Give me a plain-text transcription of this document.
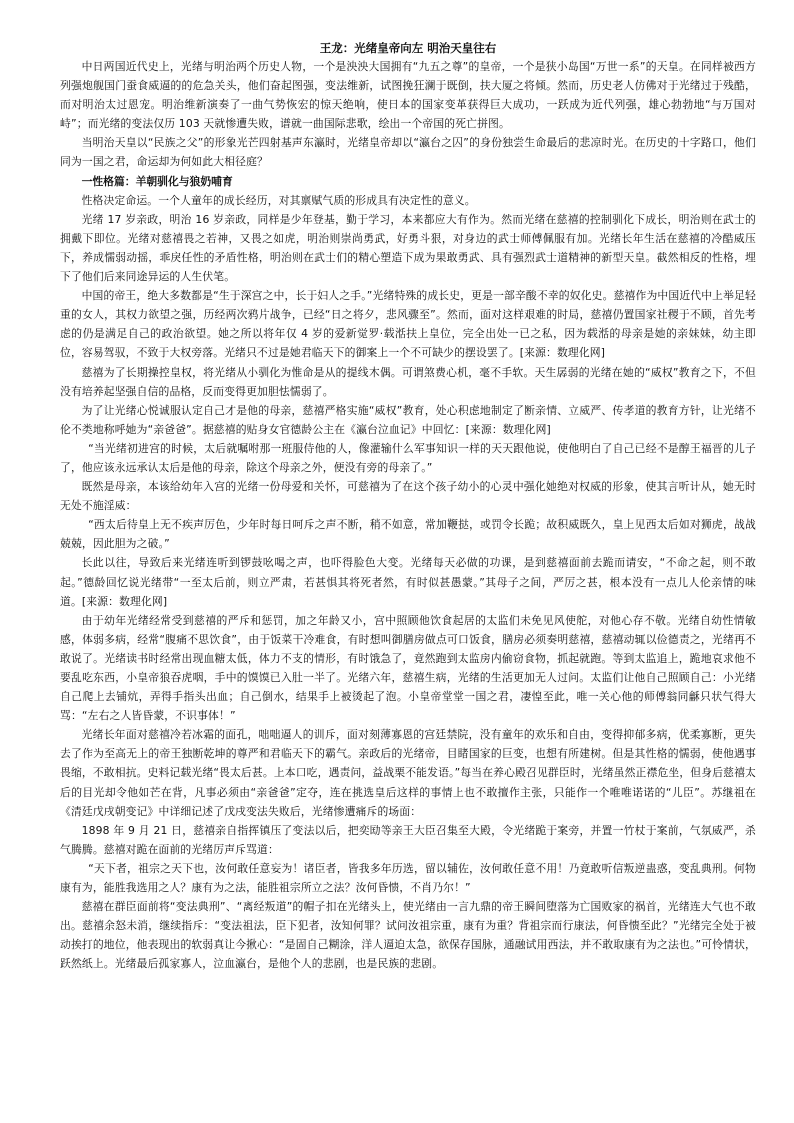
王龙：光绪皇帝向左 明治天皇往右

中日两国近代史上，光绪与明治两个历史人物，一个是泱泱大国拥有“九五之尊”的皇帝，一个是狭小岛国“万世一系”的天皇。在同样被西方列强炮舰国门蚕食威逼的的危急关头，他们奋起图强，变法维新，试图挽狂澜于既倒，扶大厦之将倾。然而，历史老人仿佛对于光绪过于残酷，而对明治太过恩宠。明治维新演奏了一曲气势恢宏的惊天绝响，使日本的国家变革获得巨大成功，一跃成为近代列强，雄心勃勃地“与万国对峙”；而光绪的变法仅历 103 天就惨遭失败，谱就一曲国际悲歌，绘出一个帝国的死亡拼图。

当明治天皇以“民族之父”的形象光芒四射基声东瀛时，光绪皇帝却以“瀛台之囚”的身份独尝生命最后的悲凉时光。在历史的十字路口，他们同为一国之君，命运却为何如此大相径庭？

一性格篇：羊朝驯化与狼奶哺育

性格决定命运。一个人童年的成长经历，对其禀赋气质的形成具有决定性的意义。

光绪 17 岁亲政，明治 16 岁亲政，同样是少年登基，勤于学习，本来都应大有作为。然而光绪在慈禧的控制驯化下成长，明治则在武士的拥戴下即位。光绪对慈禧畏之若神，又畏之如虎，明治则崇尚勇武，好勇斗狠，对身边的武士师傅佩服有加。光绪长年生活在慈禧的冷酷威压下，养成懦弱动摇，乖戾任性的矛盾性格，明治则在武士们的精心塑造下成为果敢勇武、具有强烈武士道精神的新型天皇。截然相反的性格，埋下了他们后来同途异运的人生伏笔。

中国的帝王，绝大多数都是“生于深宫之中，长于妇人之手。”光绪特殊的成长史，更是一部辛酸不幸的奴化史。慈禧作为中国近代中上举足轻重的女人，其权力欲望之强，历经两次鸦片战争，已经“日之将夕，悲风骤至”。然而，面对这样艰难的时局，慈禧仍置国家社稷于不顾，首先考虑的仍是满足自己的政治欲望。她之所以将年仅 4 岁的爱新觉罗·载湉扶上皇位，完全出处一已之私，因为载湉的母亲是她的亲妹妹，幼主即位，容易驾驭，不致于大权旁落。光绪只不过是她君临天下的御案上一个不可缺少的摆设罢了。[来源：数理化网]

慈禧为了长期操控皇权，将光绪从小驯化为惟命是从的提线木偶。可谓煞费心机，毫不手软。天生孱弱的光绪在她的“威权”教育之下，不但没有培养起坚强自信的品格，反而变得更加胆怯懦弱了。

为了让光绪心悦诚服认定自己才是他的母亲，慈禧严格实施“威权”教育，处心积虑地制定了断亲情、立威严、传孝道的教育方针，让光绪不伦不类地称呼她为“亲爸爸”。据慈禧的贴身女官德龄公主在《瀛台泣血记》中回忆：[来源：数理化网]

“当光绪初进宫的时候，太后就嘱咐那一班服侍他的人，像灌输什么军事知识一样的天天跟他说，使他明白了自己已经不是醇王福晋的儿子了，他应该永远承认太后是他的母亲，除这个母亲之外，便没有旁的母亲了。”

既然是母亲，本该给幼年入宫的光绪一份母爱和关怀，可慈禧为了在这个孩子幼小的心灵中强化她绝对权威的形象，使其言听计从，她无时无处不施淫威：

“西太后待皇上无不疾声厉色，少年时每日呵斥之声不断，稍不如意，常加鞭挞，或罚令长跪；故积威既久，皇上见西太后如对狮虎，战战兢兢，因此胆为之破。”

长此以往，导致后来光绪连听到锣鼓吆喝之声，也吓得脸色大变。光绪每天必做的功课，是到慈禧面前去跪而请安，“不命之起，则不敢起。”德龄回忆说光绪带“一至太后前，则立严肃，若甚惧其将死者然，有时似甚愚蒙。”其母子之间，严厉之甚，根本没有一点儿人伦亲情的味道。[来源：数理化网]

由于幼年光绪经常受到慈禧的严斥和惩罚，加之年龄又小，宫中照顾他饮食起居的太监们未免见风使舵，对他心存不敬。光绪自幼性情敏感，体弱多病，经常“腹痛不思饮食”，由于饭菜干冷难食，有时想叫御膳房做点可口饭食，膳房必须奏明慈禧，慈禧动辄以俭德责之，光绪再不敢说了。光绪读书时经常出现血糖太低，体力不支的情形，有时饿急了，竟然跑到太监房内偷窃食物，抓起就跑。等到太监追上，跪地哀求他不要乱吃东西，小皇帝狼吞虎咽，手中的馍馍已入肚一半了。光绪六年，慈禧生病，光绪的生活更加无人过问。太监们让他自己照顾自己：小光绪自己爬上去铺炕，弄得手指头出血；自己倒水，结果手上被烫起了泡。小皇帝堂堂一国之君，凄惶至此，唯一关心他的师傅翁同龢只状气得大骂：“左右之人皆昏蒙，不识事体！”

光绪长年面对慈禧冷若冰霜的面孔，咄咄逼人的训斥，面对刻薄寡恩的宫廷禁院，没有童年的欢乐和自由，变得抑郁多病，优柔寡断，更失去了作为至高无上的帝王独断乾坤的尊严和君临天下的霸气。亲政后的光绪帝，目睹国家的巨变，也想有所建树。但是其性格的懦弱，使他遇事畏缩，不敢相抗。史料记载光绪“畏太后甚。上本口吃，遇责问，益战栗不能发语。”每当在养心殿召见群臣时，光绪虽然正襟危坐，但身后慈禧太后的目光却令他如芒在背，凡事必须由“亲爸爸”定夺，连在挑选皇后这样的事情上也不敢擅作主张，只能作一个唯唯诺诺的“儿臣”。苏继祖在《清廷戊戌朝变记》中详细记述了戊戌变法失败后，光绪惨遭痛斥的场面：

1898 年 9 月 21 日，慈禧亲自指挥镇压了变法以后，把奕劻等亲王大臣召集至大殿，令光绪跪于案旁，并置一竹杖于案前，气氛威严，杀气腾腾。慈禧对跪在面前的光绪厉声斥骂道：

“天下者，祖宗之天下也，汝何敢任意妄为！诸臣者，皆我多年历选，留以辅佐，汝何敢任意不用！乃竟敢听信叛逆蛊惑，变乱典刑。何物康有为，能胜我选用之人？康有为之法，能胜祖宗所立之法？汝何昏愦，不肖乃尔！”

慈禧在群臣面前将“变法典刑”、“离经叛道”的帽子扣在光绪头上，使光绪由一言九鼎的帝王瞬间堕落为亡国败家的祸首，光绪连大气也不敢出。慈禧余怒未消，继续指斥：“变法祖法，臣下犯者，汝知何罪？试问汝祖宗重，康有为重？背祖宗而行康法，何昏愦至此？”光绪完全处于被动挨打的地位，他表现出的软弱真让今揪心：“是固自己糊涂，洋人逼迫太急，欲保存国脉，通融试用西法，并不敢取康有为之法也。”可怜情状，跃然纸上。光绪最后孤家寡人，泣血瀛台，是他个人的悲剧，也是民族的悲剧。
